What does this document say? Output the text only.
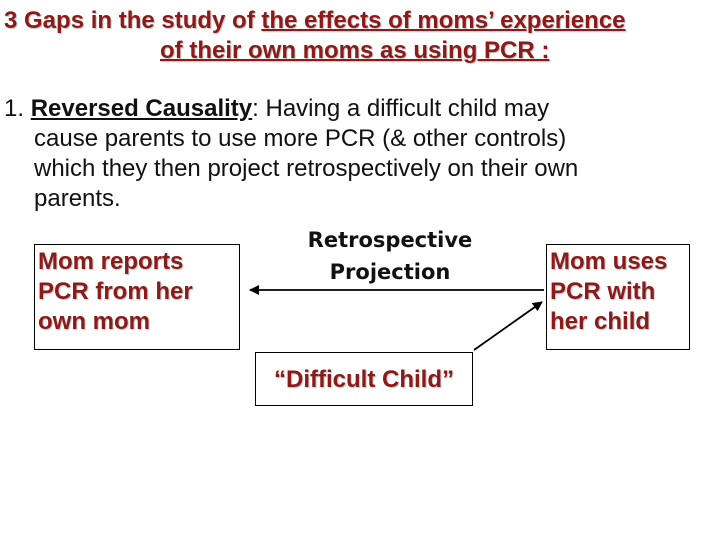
3 Gaps in the study of the effects of moms’ experience
of their own moms as using PCR :
1. Reversed Causality: Having a difficult child may
cause parents to use more PCR (& other controls)
which they then project retrospectively on their own
parents.
Retrospective
Projection
Mom reports
PCR from her
own mom
Mom uses
PCR with
her child
“Difficult Child”
